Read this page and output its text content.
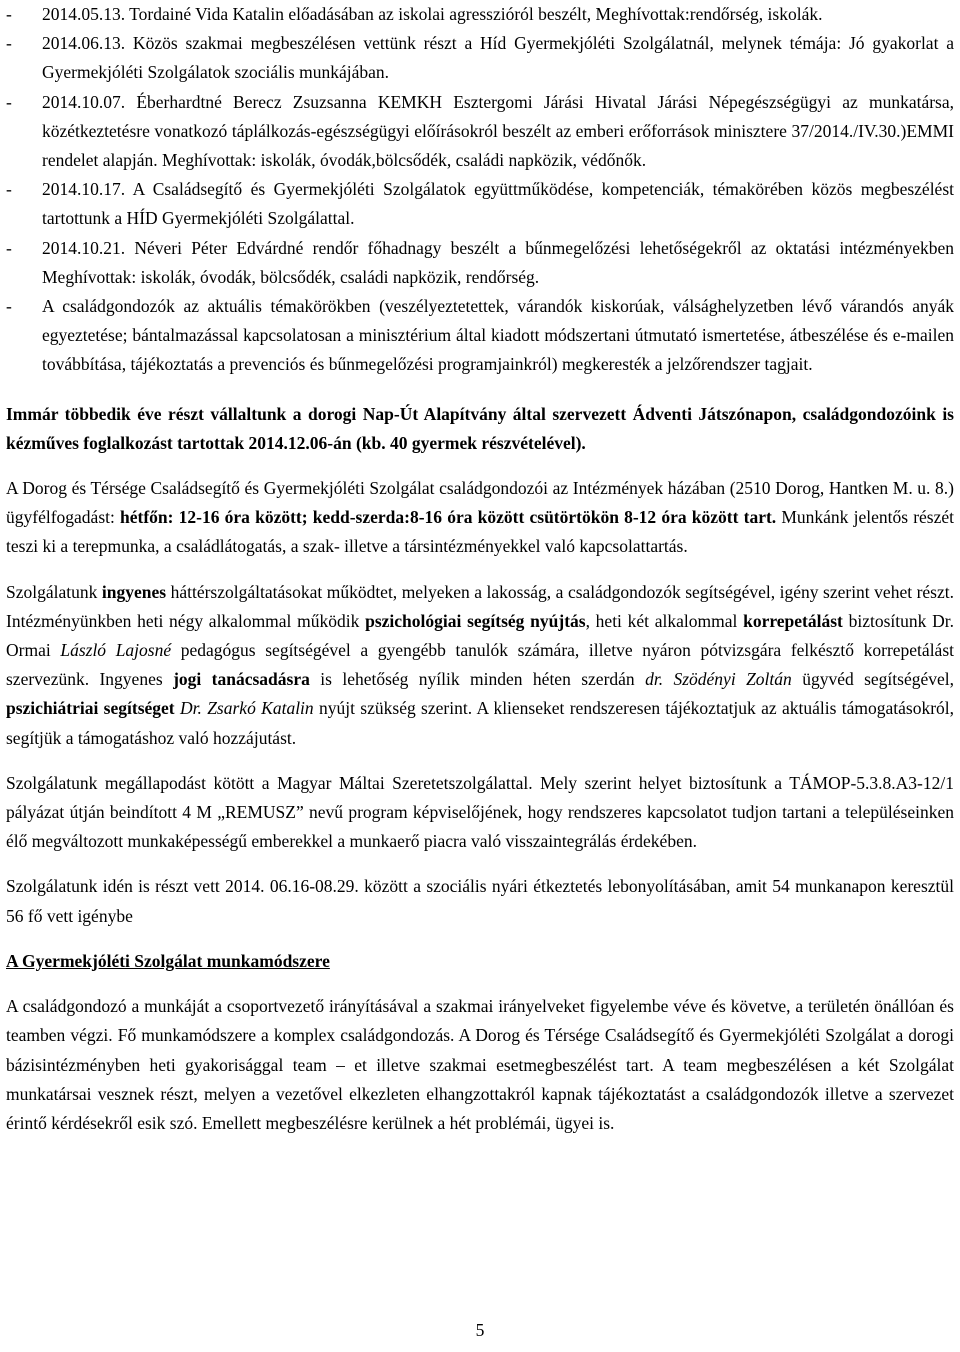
- 2014.05.13. Tordainé Vida Katalin előadásában az iskolai agresszióról beszélt, Meghívottak:rendőrség, iskolák.
- 2014.06.13. Közös szakmai megbeszélésen vettünk részt a Híd Gyermekjóléti Szolgálatnál, melynek témája: Jó gyakorlat a Gyermekjóléti Szolgálatok szociális munkájában.
- 2014.10.07. Éberhardtné Berecz Zsuzsanna KEMKH Esztergomi Járási Hivatal Járási Népegészségügyi az munkatársa, közétkeztetésre vonatkozó táplálkozás-egészségügyi előírásokról beszélt az emberi erőforrások minisztere 37/2014./IV.30.)EMMI rendelet alapján. Meghívottak: iskolák, óvodák,bölcsődék, családi napközik, védőnők.
- 2014.10.17. A Családsegítő és Gyermekjóléti Szolgálatok együttműködése, kompetenciák, témakörében közös megbeszélést tartottunk a HÍD Gyermekjóléti Szolgálattal.
- 2014.10.21. Néveri Péter Edvárdné rendőr főhadnagy beszélt a bűnmegelőzési lehetőségekről az oktatási intézményekben Meghívottak: iskolák, óvodák, bölcsődék, családi napközik, rendőrség.
- A családgondozók az aktuális témakörökben (veszélyeztetettek, várandók kiskorúak, válsághelyzetben lévő várandós anyák egyeztetése; bántalmazással kapcsolatosan a minisztérium által kiadott módszertani útmutató ismertetése, átbeszélése és e-mailen továbbítása, tájékoztatás a prevenciós és bűnmegelőzési programjainkról) megkeresték a jelzőrendszer tagjait.

Immár többedik éve részt vállaltunk a dorogi Nap-Út Alapítvány által szervezett Ádventi Játszónapon, családgondozóink is kézműves foglalkozást tartottak 2014.12.06-án (kb. 40 gyermek részvételével).

A Dorog és Térsége Családsegítő és Gyermekjóléti Szolgálat családgondozói az Intézmények házában (2510 Dorog, Hantken M. u. 8.) ügyfélfogadást: hétfőn: 12-16 óra között; kedd-szerda:8-16 óra között csütörtökön 8-12 óra között tart. Munkánk jelentős részét teszi ki a terepmunka, a családlátogatás, a szak- illetve a társintézményekkel való kapcsolattartás.

Szolgálatunk ingyenes háttérszolgáltatásokat működtet, melyeken a lakosság, a családgondozók segítségével, igény szerint vehet részt. Intézményünkben heti négy alkalommal működik pszichológiai segítség nyújtás, heti két alkalommal korrepetálást biztosítunk Dr. Ormai László Lajosné pedagógus segítségével a gyengébb tanulók számára, illetve nyáron pótvizsgára felkésztő korrepetálást szervezünk. Ingyenes jogi tanácsadásra is lehetőség nyílik minden héten szerdán dr. Szödényi Zoltán ügyvéd segítségével, pszichiátriai segítséget Dr. Zsarkó Katalin nyújt szükség szerint. A klienseket rendszeresen tájékoztatjuk az aktuális támogatásokról, segítjük a támogatáshoz való hozzájutást.

Szolgálatunk megállapodást kötött a Magyar Máltai Szeretetszolgálattal. Mely szerint helyet biztosítunk a TÁMOP-5.3.8.A3-12/1 pályázat útján beindított 4 M „REMUSZ” nevű program képviselőjének, hogy rendszeres kapcsolatot tudjon tartani a településeinken élő megváltozott munkaképességű emberekkel a munkaerő piacra való visszaintegrálás érdekében.

Szolgálatunk idén is részt vett 2014. 06.16-08.29. között a szociális nyári étkeztetés lebonyolításában, amit 54 munkanapon keresztül 56 fő vett igénybe

A Gyermekjóléti Szolgálat munkamódszere

A családgondozó a munkáját a csoportvezető irányításával a szakmai irányelveket figyelembe véve és követve, a területén önállóan és teamben végzi. Fő munkamódszere a komplex családgondozás. A Dorog és Térsége Családsegítő és Gyermekjóléti Szolgálat a dorogi bázisintézményben heti gyakorisággal team – et illetve szakmai esetmegbeszélést tart. A team megbeszélésen a két Szolgálat munkatársai vesznek részt, melyen a vezetővel elkezleten elhangzottakról kapnak tájékoztatást a családgondozók illetve a szervezet érintő kérdésekről esik szó. Emellett megbeszélésre kerülnek a hét problémái, ügyei is.

5
